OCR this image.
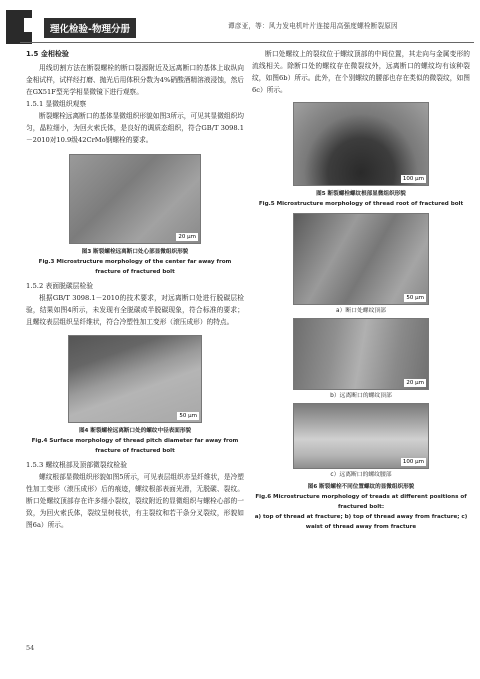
理化检验-物理分册	谭彦亚，等：风力发电机叶片连接用高强度螺栓断裂原因
1.5 金相检验

用线切割方法在断裂螺栓的断口裂源附近及远离断口的基体上取纵向金相试样，试样经打磨、抛光后用体积分数为4%硝酸酒精溶液浸蚀，然后在GX51F型光学相显微镜下进行观察。

1.5.1 显微组织观察

断裂螺栓远离断口的基体显微组织形貌如图3所示，可见其显微组织均匀，晶粒细小，为回火索氏体，是良好的调质态组织，符合GB/T 3098.1－2010对10.9级42CrMo钢螺栓的要求。

20 μm
图3 断裂螺栓远离断口处心部显微组织形貌
Fig.3 Microstructure morphology of the center far away from fracture of fractured bolt
1.5.2 表面脱碳层检验

根据GB/T 3098.1－2010的技术要求，对远离断口处进行脱碳层检验，结果如图4所示，未发现有全脱碳或半脱碳现象，符合标准的要求；且螺纹表层组织呈纤维状，符合冷塑性加工变形（滚压成形）的特点。

50 μm
图4 断裂螺栓远离断口处的螺纹中径表面形貌
Fig.4 Surface morphology of thread pitch diameter far away from fracture of fractured bolt
1.5.3 螺纹根部及顶部微裂纹检验

螺纹根部显微组织形貌如图5所示，可见表层组织亦呈纤维状，是冷塑性加工变形（滚压成形）后的痕迹，螺纹根部表面光滑，无脱碳、裂纹。断口处螺纹顶部存在许多细小裂纹，裂纹附近的显微组织与螺栓心部的一致，为回火索氏体，裂纹呈树枝状，有主裂纹和若干条分叉裂纹，形貌如图6a）所示。

54

断口处螺纹上的裂纹位于螺纹顶部的中间位置，其走向与金属变形的流线相关。除断口处的螺纹存在微裂纹外，远离断口的螺纹均有该种裂纹，如图6b）所示。此外，在个别螺纹的腰部也存在类似的微裂纹，如图6c）所示。

100 μm
图5 断裂螺栓螺纹根部显微组织形貌
Fig.5 Microstructure morphology of thread root of fractured bolt
50 μm
a）断口处螺纹顶部
20 μm
b）远离断口的螺纹顶部
100 μm
c）远离断口的螺纹腰部
图6 断裂螺栓不同位置螺纹的显微组织形貌
Fig.6 Microstructure morphology of treads at different positions of fractured bolt:
a) top of thread at fracture; b) top of thread away from fracture; c) waist of thread away from fracture
